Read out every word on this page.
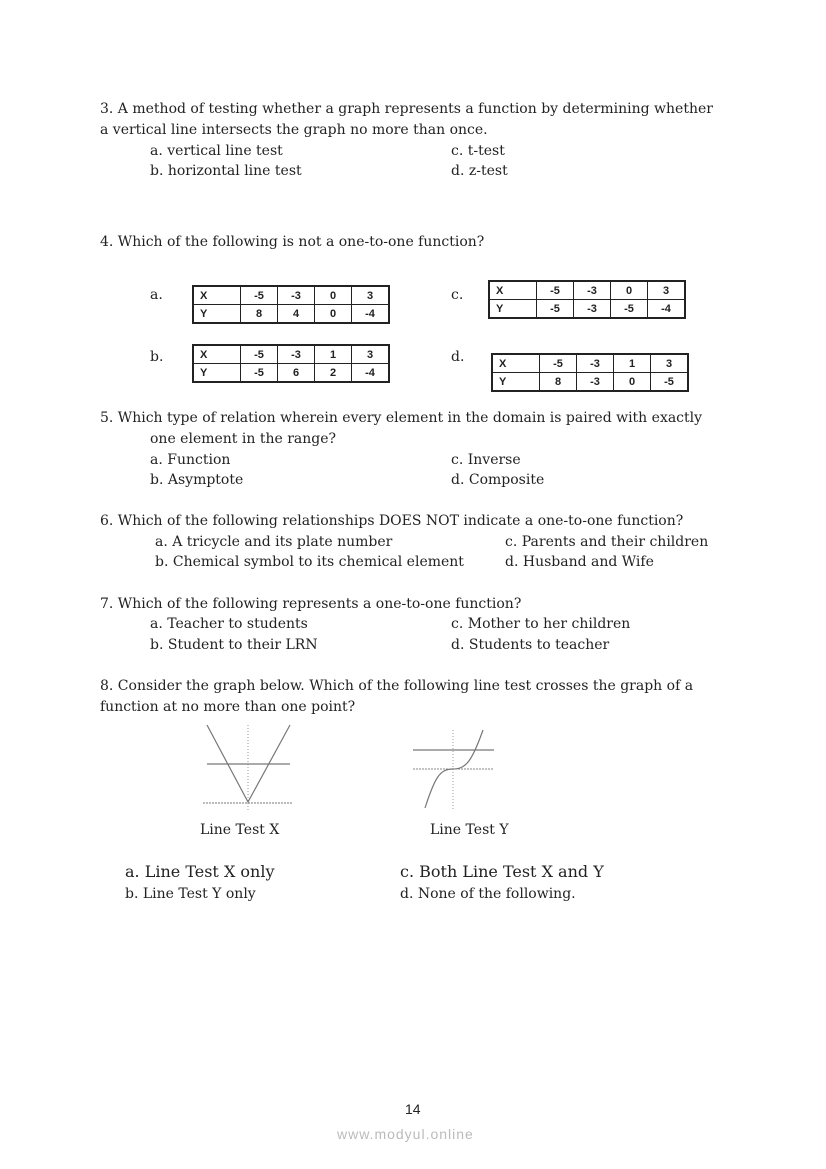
3. A method of testing whether a graph represents a function by determining whether
a vertical line intersects the graph no more than once.
a. vertical line test
b. horizontal line test
c. t-test
d. z-test
4. Which of the following is not a one-to-one function?
a.
b.
c.
d.
X	-5	-3	0	3
Y	8	4	0	-4
X	-5	-3	1	3
Y	-5	6	2	-4
X	-5	-3	0	3
Y	-5	-3	-5	-4
X	-5	-3	1	3
Y	8	-3	0	-5
5. Which type of relation wherein every element in the domain is paired with exactly
one element in the range?
a. Function
b. Asymptote
c. Inverse
d. Composite
6. Which of the following relationships DOES NOT indicate a one-to-one function?
a. A tricycle and its plate number
b. Chemical symbol to its chemical element
c. Parents and their children
d. Husband and Wife
7. Which of the following represents a one-to-one function?
a. Teacher to students
b. Student to their LRN
c. Mother to her children
d. Students to teacher
8. Consider the graph below. Which of the following line test crosses the graph of a
function at no more than one point?
Line Test X	Line Test Y
a. Line Test X only
b. Line Test Y only
c. Both Line Test X and Y
d. None of the following.
14
www.modyul.online
